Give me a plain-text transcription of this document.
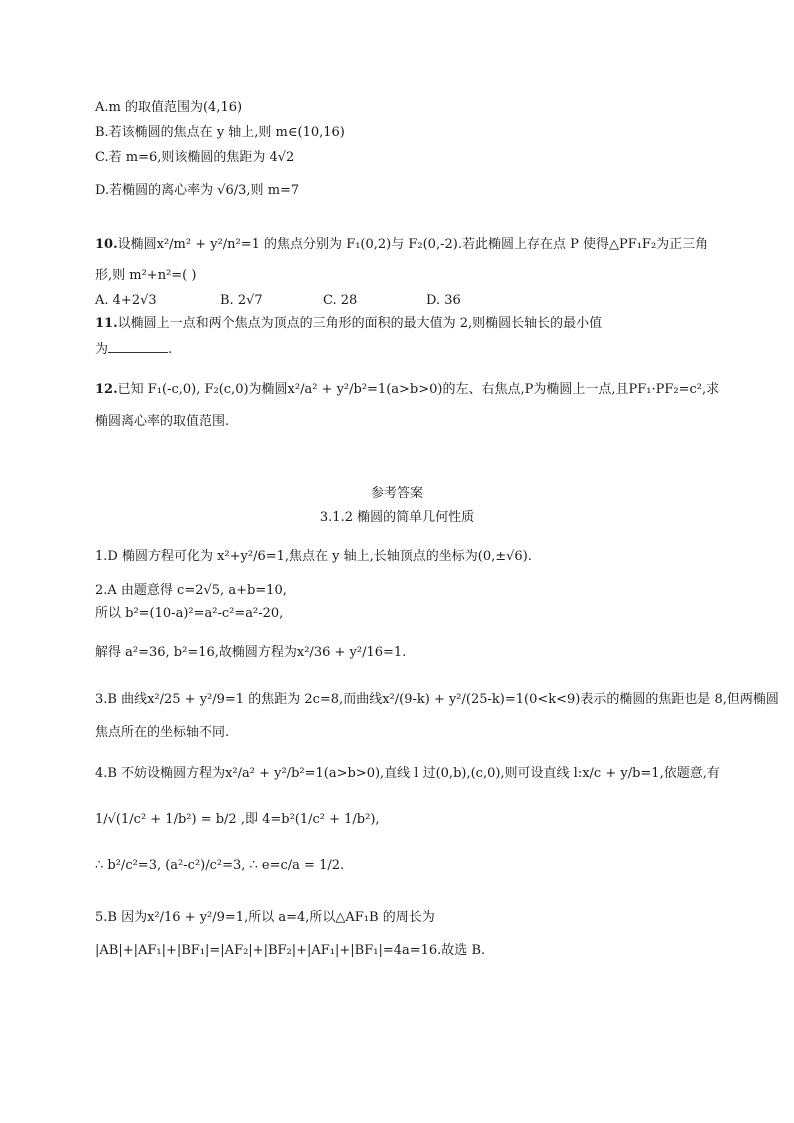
A.m 的取值范围为(4,16)
B.若该椭圆的焦点在 y 轴上,则 m∈(10,16)
C.若 m=6,则该椭圆的焦距为 4√2
D.若椭圆的离心率为 √6/3,则 m=7
10.设椭圆x²/m² + y²/n²=1 的焦点分别为 F₁(0,2)与 F₂(0,-2).若此椭圆上存在点 P 使得△PF₁F₂为正三角
形,则 m²+n²=( )
A. 4+2√3	B. 2√7	C. 28	D. 36
11.以椭圆上一点和两个焦点为顶点的三角形的面积的最大值为 2,则椭圆长轴长的最小值
为	.
12.已知 F₁(-c,0), F₂(c,0)为椭圆x²/a² + y²/b²=1(a>b>0)的左、右焦点,P为椭圆上一点,且PF₁·PF₂=c²,求
椭圆离心率的取值范围.
参考答案
3.1.2 椭圆的简单几何性质
1.D 椭圆方程可化为 x²+y²/6=1,焦点在 y 轴上,长轴顶点的坐标为(0,±√6).
2.A 由题意得 c=2√5, a+b=10,
所以 b²=(10-a)²=a²-c²=a²-20,
解得 a²=36, b²=16,故椭圆方程为x²/36 + y²/16=1.
3.B 曲线x²/25 + y²/9=1 的焦距为 2c=8,而曲线x²/(9-k) + y²/(25-k)=1(0<k<9)表示的椭圆的焦距也是 8,但两椭圆
焦点所在的坐标轴不同.
4.B 不妨设椭圆方程为x²/a² + y²/b²=1(a>b>0),直线 l 过(0,b),(c,0),则可设直线 l:x/c + y/b=1,依题意,有
1/√(1/c² + 1/b²) = b/2 ,即 4=b²(1/c² + 1/b²),
∴ b²/c²=3, (a²-c²)/c²=3, ∴ e=c/a = 1/2.
5.B 因为x²/16 + y²/9=1,所以 a=4,所以△AF₁B 的周长为
|AB|+|AF₁|+|BF₁|=|AF₂|+|BF₂|+|AF₁|+|BF₁|=4a=16.故选 B.
